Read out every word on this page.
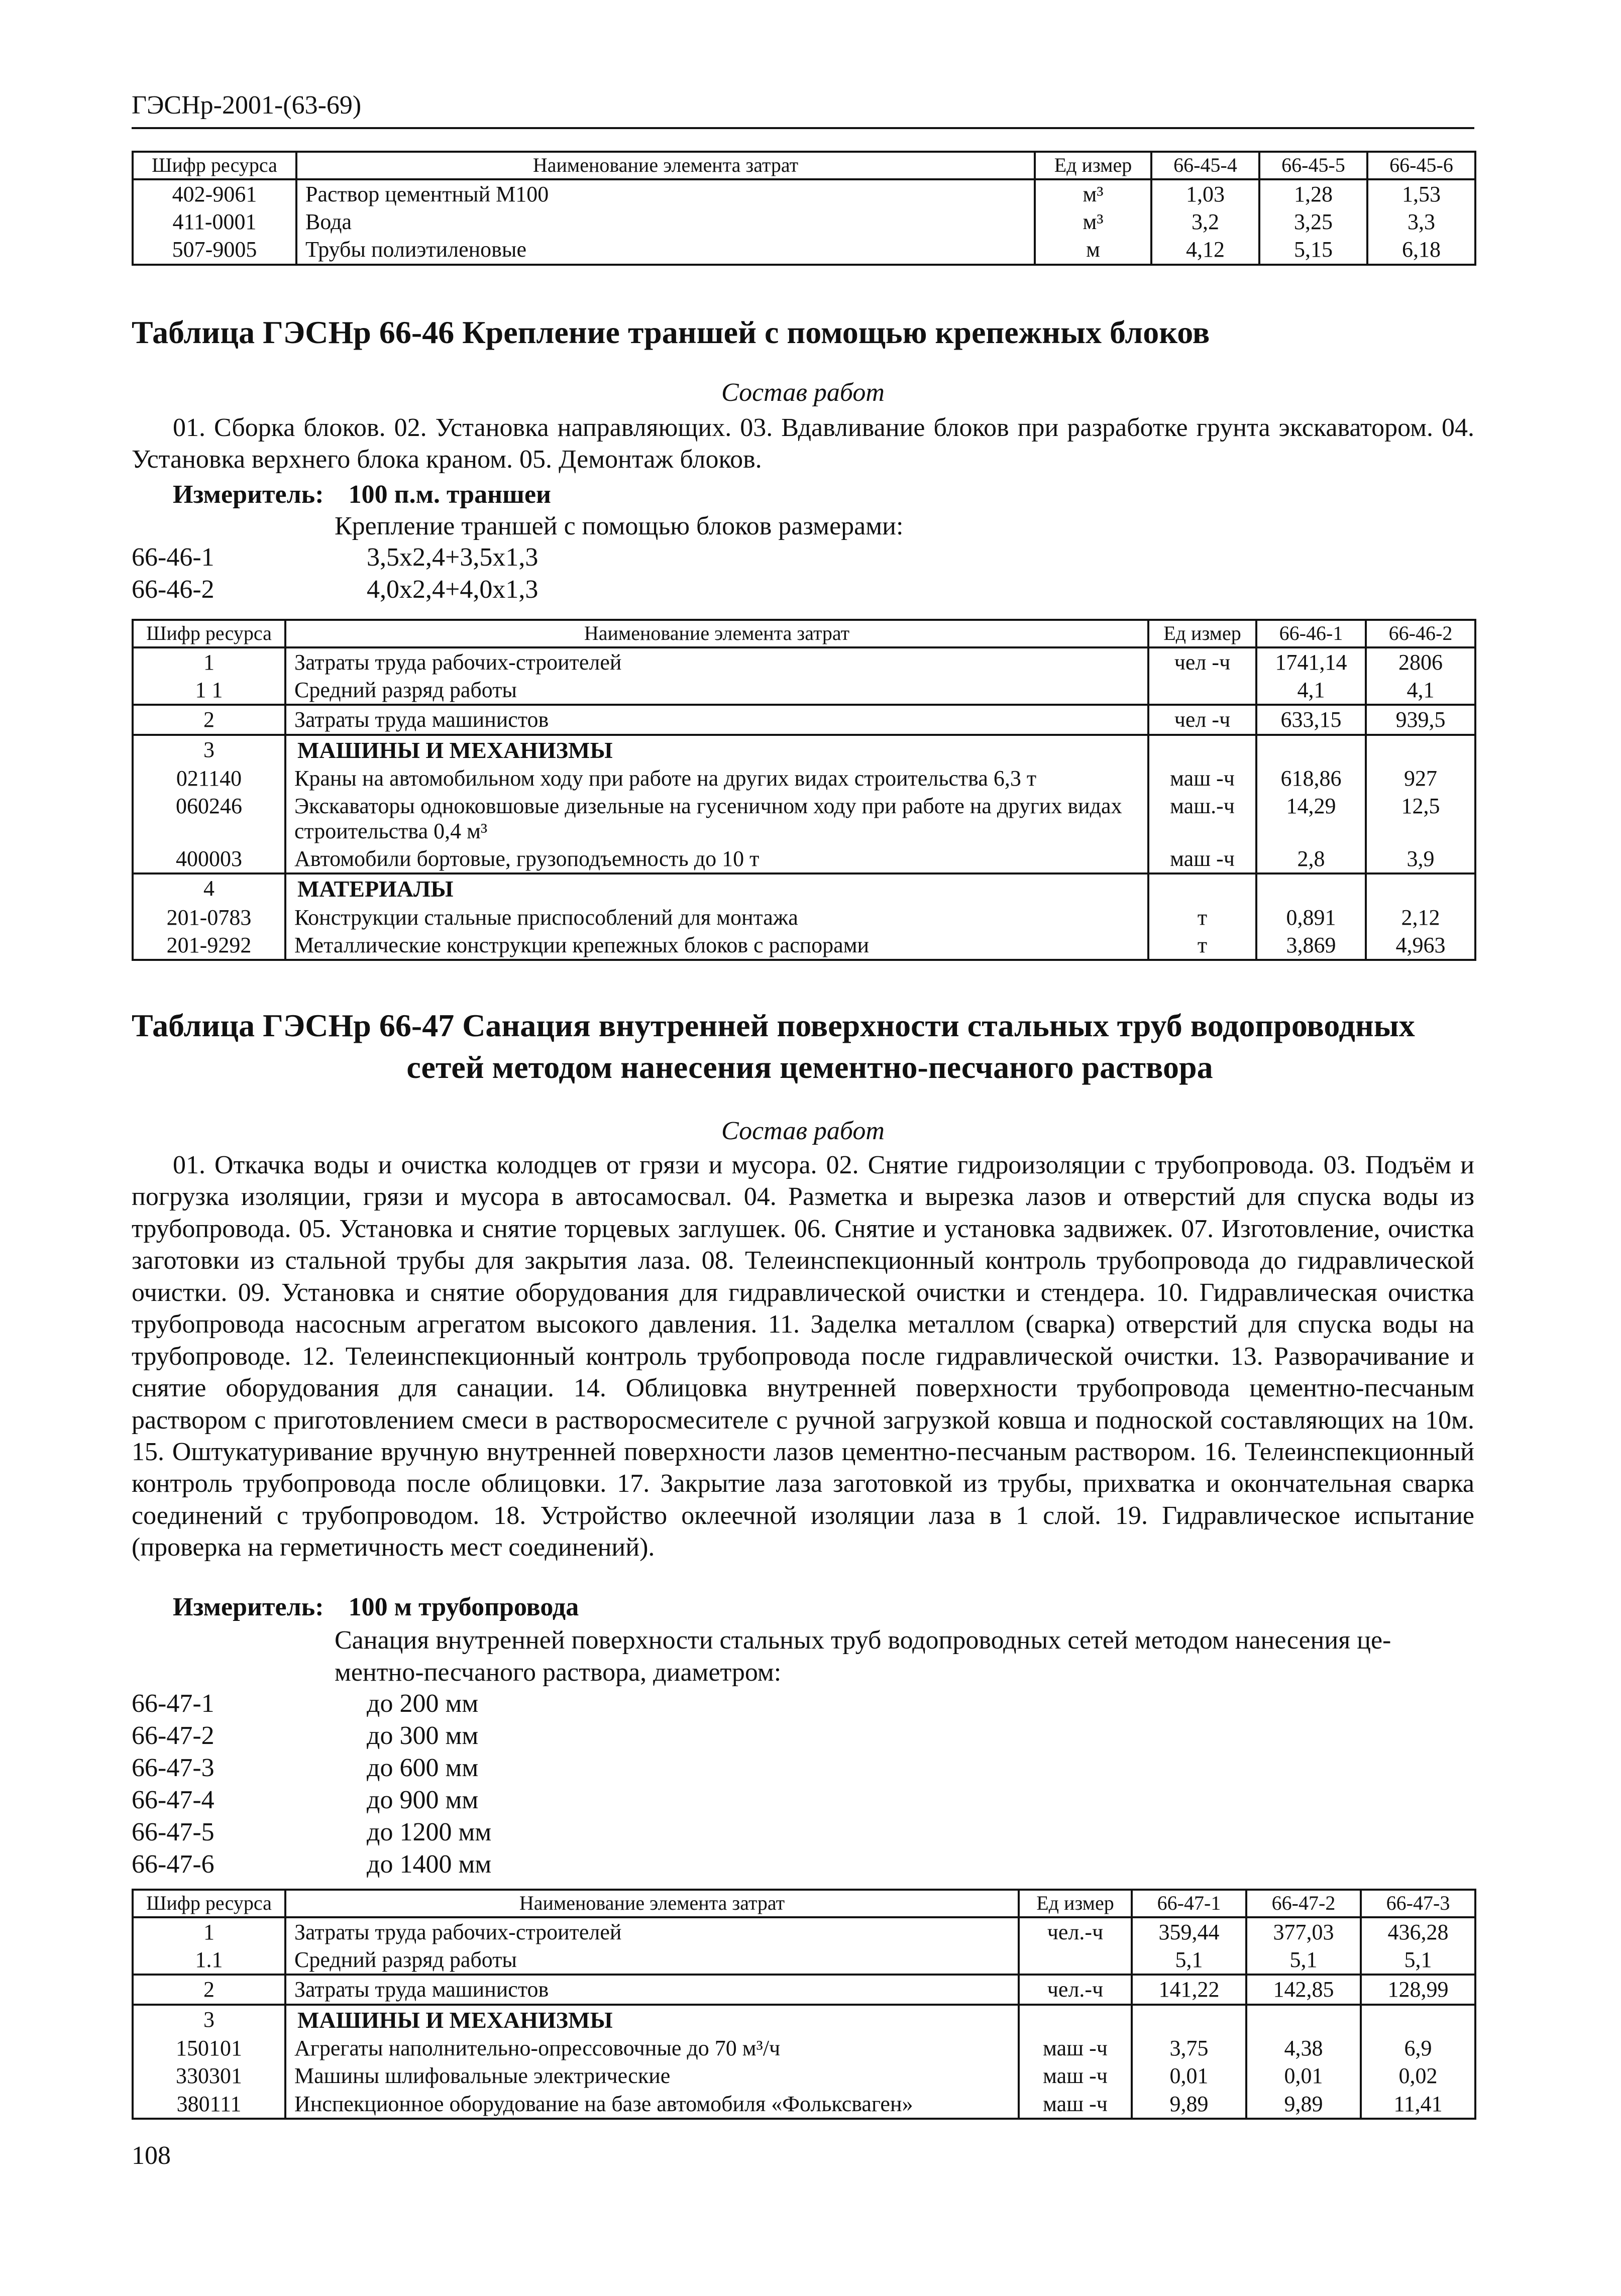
ГЭСНр-2001-(63-69)
Шифр ресурса	Наименование элемента затрат	Ед измер	66-45-4	66-45-5	66-45-6
402-9061	Раствор цементный М100	м³	1,03	1,28	1,53
411-0001	Вода	м³	3,2	3,25	3,3
507-9005	Трубы полиэтиленовые	м	4,12	5,15	6,18
Таблица ГЭСНр 66-46 Крепление траншей с помощью крепежных блоков
Состав работ
01. Сборка блоков. 02. Установка направляющих. 03. Вдавливание блоков при разработке грунта экскаватором. 04. Установка верхнего блока краном. 05. Демонтаж блоков.
Измеритель: 100 п.м. траншеи
Крепление траншей с помощью блоков размерами:
66-46-1	3,5x2,4+3,5x1,3
66-46-2	4,0x2,4+4,0x1,3
Шифр ресурса	Наименование элемента затрат	Ед измер	66-46-1	66-46-2
1	Затраты труда рабочих-строителей	чел -ч	1741,14	2806
1 1	Средний разряд работы		4,1	4,1
2	Затраты труда машинистов	чел -ч	633,15	939,5
3	МАШИНЫ И МЕХАНИЗМЫ			
021140	Краны на автомобильном ходу при работе на других видах строительства 6,3 т	маш -ч	618,86	927
060246	Экскаваторы одноковшовые дизельные на гусеничном ходу при работе на других видах строительства 0,4 м³	маш.-ч	14,29	12,5
400003	Автомобили бортовые, грузоподъемность до 10 т	маш -ч	2,8	3,9
4	МАТЕРИАЛЫ			
201-0783	Конструкции стальные приспособлений для монтажа	т	0,891	2,12
201-9292	Металлические конструкции крепежных блоков с распорами	т	3,869	4,963
Таблица ГЭСНр 66-47 Санация внутренней поверхности стальных труб водопроводных
сетей методом нанесения цементно-песчаного раствора
Состав работ
01. Откачка воды и очистка колодцев от грязи и мусора. 02. Снятие гидроизоляции с трубопровода. 03. Подъём и погрузка изоляции, грязи и мусора в автосамосвал. 04. Разметка и вырезка лазов и отверстий для спуска воды из трубопровода. 05. Установка и снятие торцевых заглушек. 06. Снятие и установка задвижек. 07. Изготовление, очистка заготовки из стальной трубы для закрытия лаза. 08. Телеинспекционный контроль трубопровода до гидравлической очистки. 09. Установка и снятие оборудования для гидравлической очистки и стендера. 10. Гидравлическая очистка трубопровода насосным агрегатом высокого давления. 11. Заделка металлом (сварка) отверстий для спуска воды на трубопроводе. 12. Телеинспекционный контроль трубопровода после гидравлической очистки. 13. Разворачивание и снятие оборудования для санации. 14. Облицовка внутренней поверхности трубопровода цементно-песчаным раствором с приготовлением смеси в растворосмесителе с ручной загрузкой ковша и подноской составляющих на 10м. 15. Оштукатуривание вручную внутренней поверхности лазов цементно-песчаным раствором. 16. Телеинспекционный контроль трубопровода после облицовки. 17. Закрытие лаза заготовкой из трубы, прихватка и окончательная сварка соединений с трубопроводом. 18. Устройство оклеечной изоляции лаза в 1 слой. 19. Гидравлическое испытание (проверка на герметичность мест соединений).
Измеритель: 100 м трубопровода
Санация внутренней поверхности стальных труб водопроводных сетей методом нанесения це-
ментно-песчаного раствора, диаметром:
66-47-1	до 200 мм
66-47-2	до 300 мм
66-47-3	до 600 мм
66-47-4	до 900 мм
66-47-5	до 1200 мм
66-47-6	до 1400 мм
Шифр ресурса	Наименование элемента затрат	Ед измер	66-47-1	66-47-2	66-47-3
1	Затраты труда рабочих-строителей	чел.-ч	359,44	377,03	436,28
1.1	Средний разряд работы		5,1	5,1	5,1
2	Затраты труда машинистов	чел.-ч	141,22	142,85	128,99
3	МАШИНЫ И МЕХАНИЗМЫ				
150101	Агрегаты наполнительно-опрессовочные до 70 м³/ч	маш -ч	3,75	4,38	6,9
330301	Машины шлифовальные электрические	маш -ч	0,01	0,01	0,02
380111	Инспекционное оборудование на базе автомобиля «Фольксваген»	маш -ч	9,89	9,89	11,41
108
